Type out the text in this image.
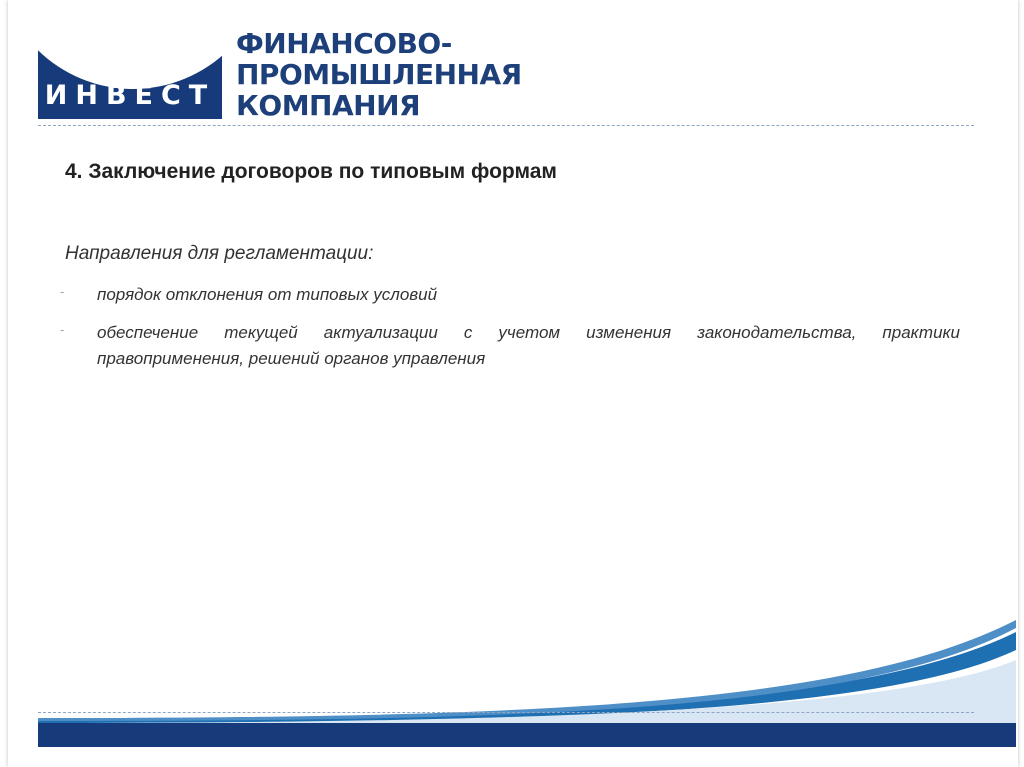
ИНВЕСТ
ФИНАНСОВО-
ПРОМЫШЛЕННАЯ
КОМПАНИЯ
4. Заключение договоров по типовым формам
Направления для регламентации:
- порядок отклонения от типовых условий
- обеспечение текущей актуализации с учетом изменения законодательства, практики правоприменения, решений органов управления
